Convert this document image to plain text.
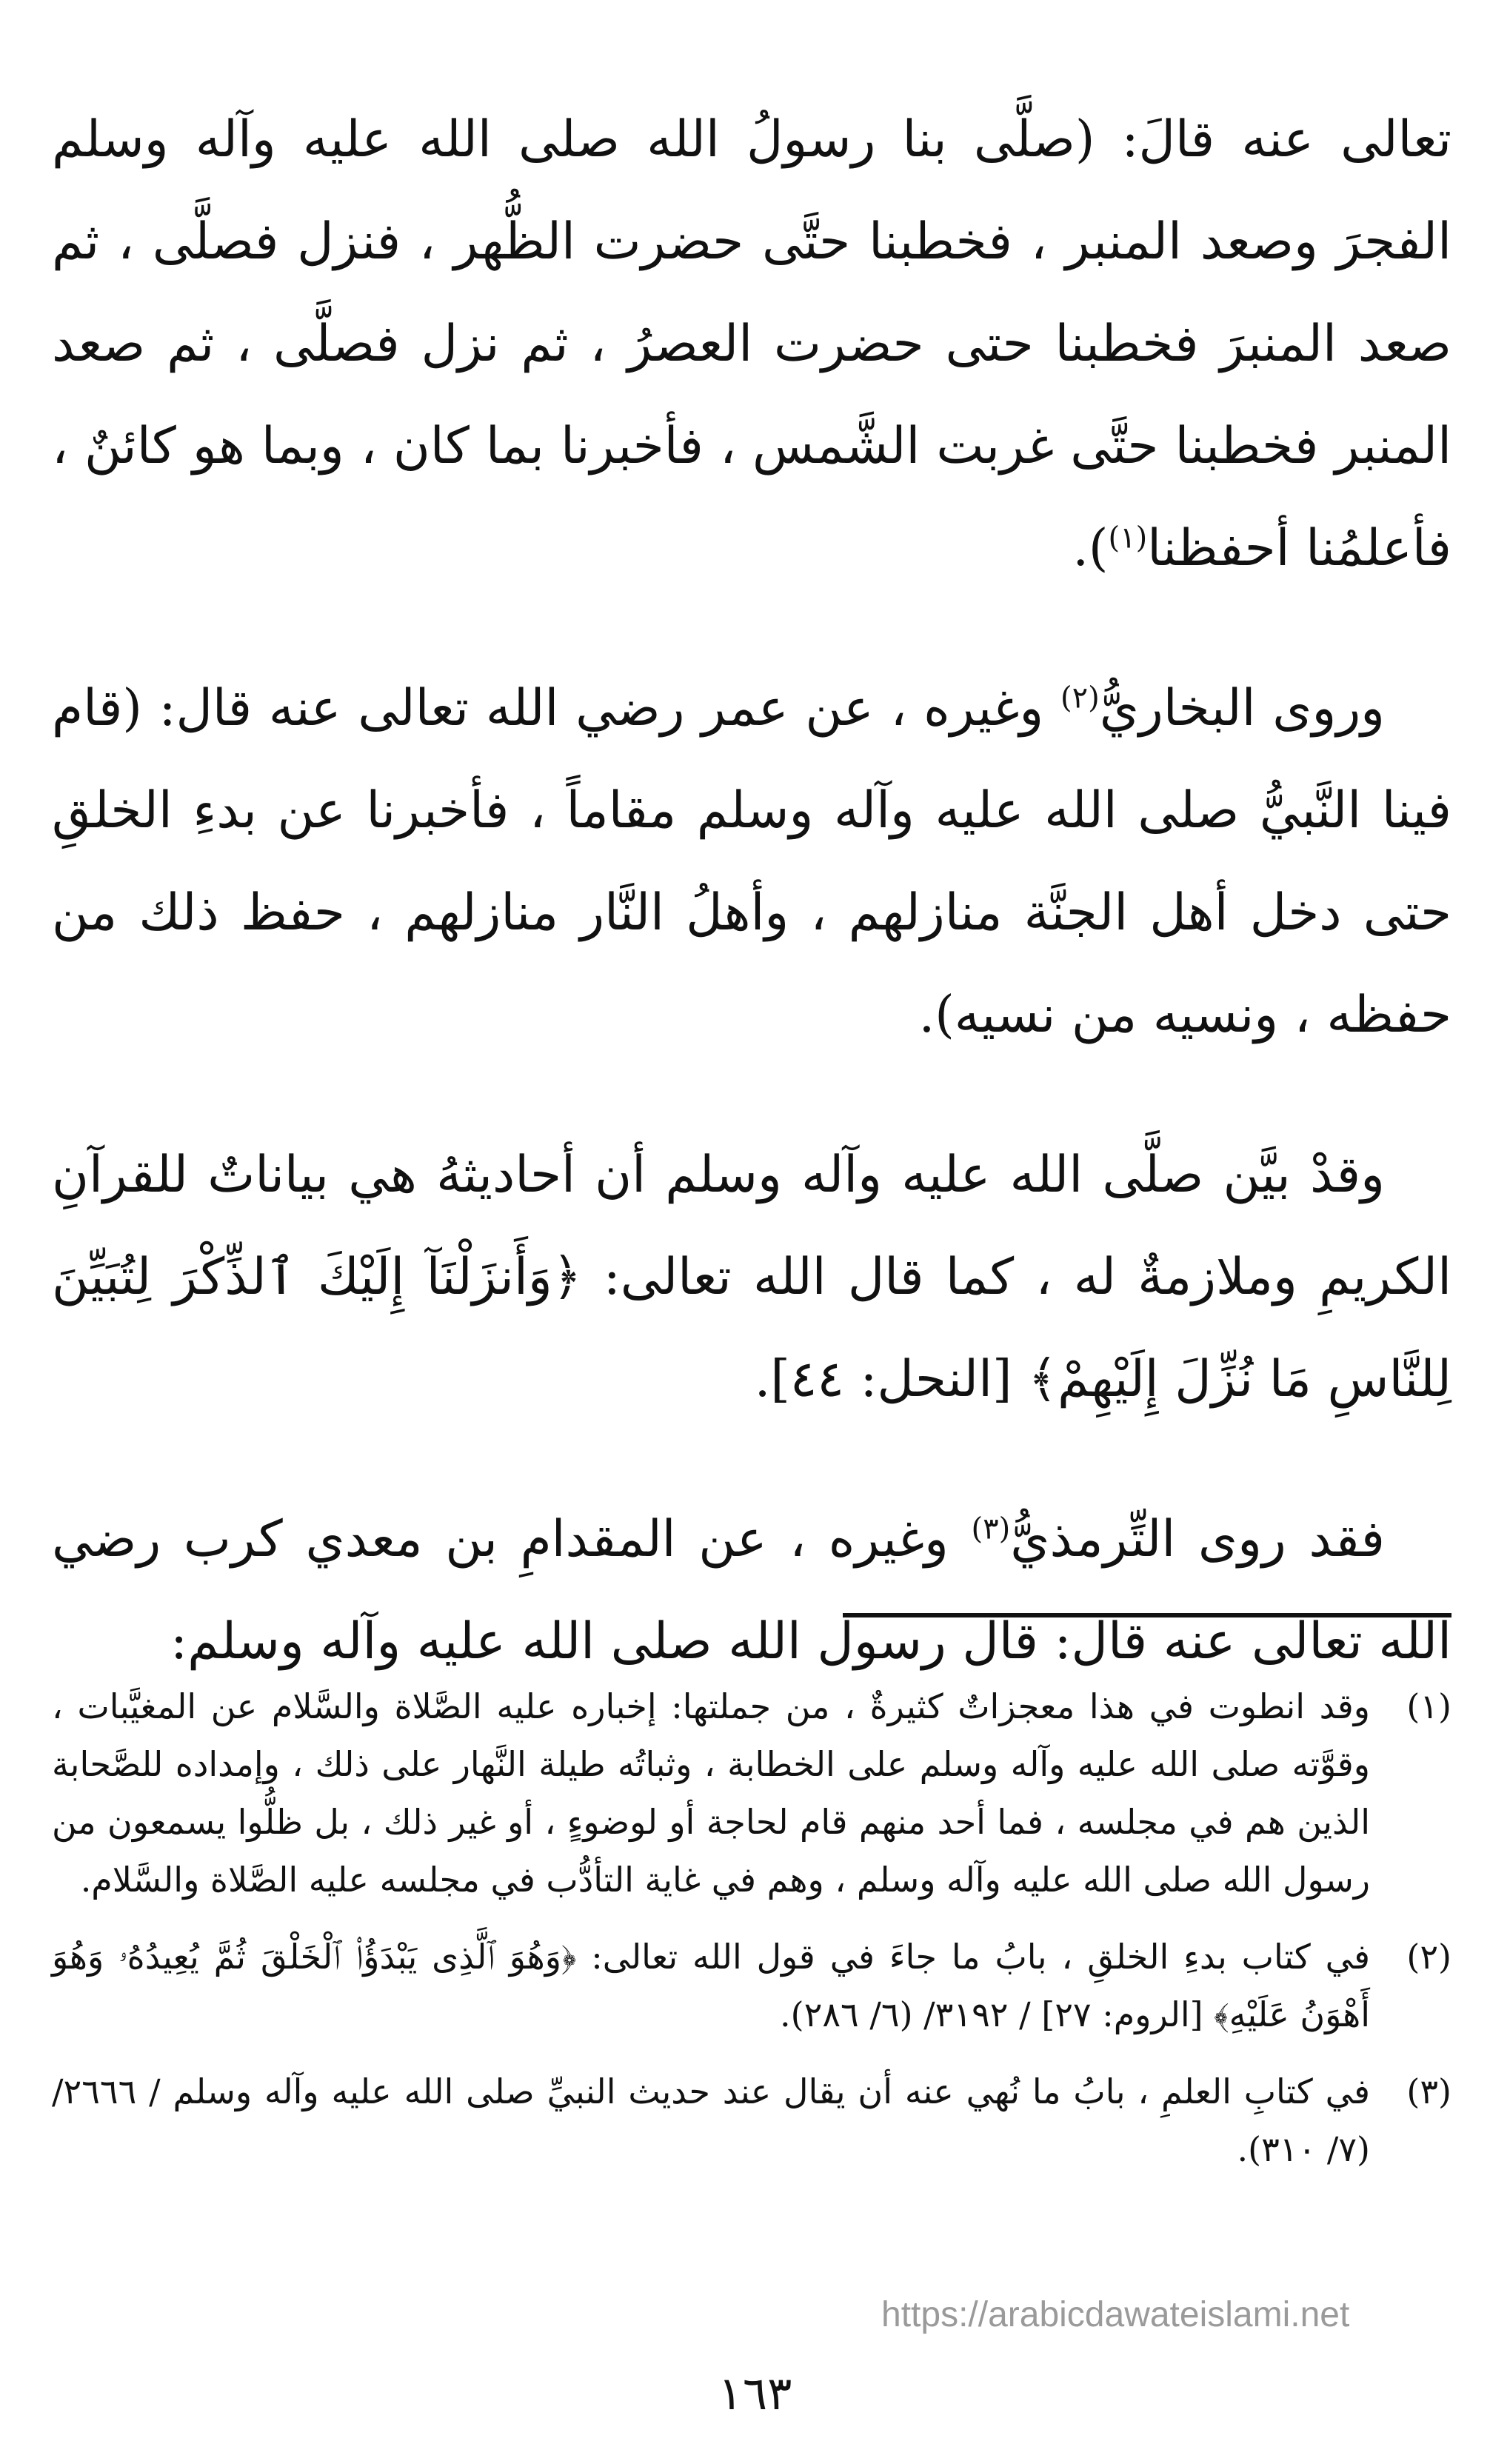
تعالى عنه قالَ: (صلَّى بنا رسولُ الله صلى الله عليه وآله وسلم الفجرَ وصعد المنبر ، فخطبنا حتَّى حضرت الظُّهر ، فنزل فصلَّى ، ثم صعد المنبرَ فخطبنا حتى حضرت العصرُ ، ثم نزل فصلَّى ، ثم صعد المنبر فخطبنا حتَّى غربت الشَّمس ، فأخبرنا بما كان ، وبما هو كائنٌ ، فأعلمُنا أحفظنا$^{(١)}$).

وروى البخاريُّ$^{(٢)}$ وغيره ، عن عمر رضي الله تعالى عنه قال: (قام فينا النَّبيُّ صلى الله عليه وآله وسلم مقاماً ، فأخبرنا عن بدءِ الخلقِ حتى دخل أهل الجنَّة منازلهم ، وأهلُ النَّار منازلهم ، حفظ ذلك من حفظه ، ونسيه من نسيه).

وقدْ بيَّن صلَّى الله عليه وآله وسلم أن أحاديثهُ هي بياناتٌ للقرآنِ الكريمِ وملازمةٌ له ، كما قال الله تعالى: ﴿وَأَنزَلْنَآ إِلَيْكَ ٱلذِّكْرَ لِتُبَيِّنَ لِلنَّاسِ مَا نُزِّلَ إِلَيْهِمْ﴾ [النحل: ٤٤].

فقد روى التِّرمذيُّ$^{(٣)}$ وغيره ، عن المقدامِ بن معدي كرب رضي الله تعالى عنه قال: قال رسول الله صلى الله عليه وآله وسلم:

(١)
وقد انطوت في هذا معجزاتٌ كثيرةٌ ، من جملتها: إخباره عليه الصَّلاة والسَّلام عن المغيَّبات ، وقوَّته صلى الله عليه وآله وسلم على الخطابة ، وثباتُه طيلة النَّهار على ذلك ، وإمداده للصَّحابة الذين هم في مجلسه ، فما أحد منهم قام لحاجة أو لوضوءٍ ، أو غير ذلك ، بل ظلُّوا يسمعون من رسول الله صلى الله عليه وآله وسلم ، وهم في غاية التأدُّب في مجلسه عليه الصَّلاة والسَّلام.
(٢)
في كتاب بدءِ الخلقِ ، بابُ ما جاءَ في قول الله تعالى: ﴿وَهُوَ ٱلَّذِى يَبْدَؤُا۟ ٱلْخَلْقَ ثُمَّ يُعِيدُهُۥ وَهُوَ أَهْوَنُ عَلَيْهِ﴾ [الروم: ٢٧] / ٣١٩٢/ (٦/ ٢٨٦).
(٣)
في كتابِ العلمِ ، بابُ ما نُهي عنه أن يقال عند حديث النبيِّ صلى الله عليه وآله وسلم / ٢٦٦٦/ (٧/ ٣١٠).
https://arabicdawateislami.net
١٦٣
